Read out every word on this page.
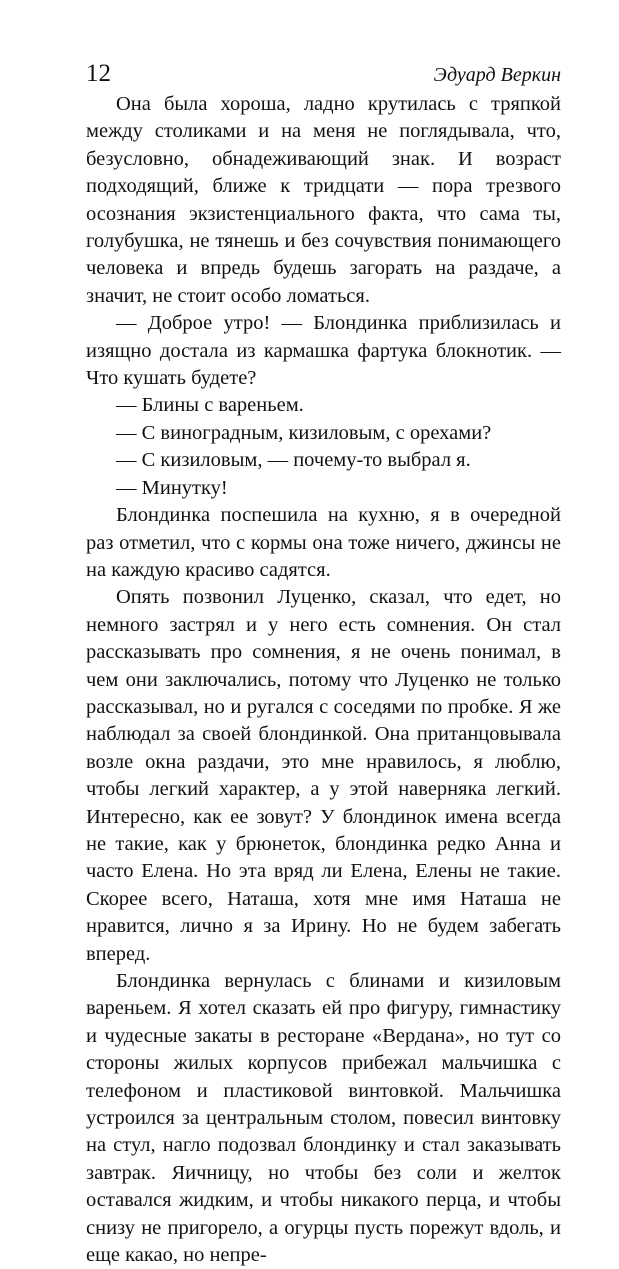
12	Эдуард Веркин

Она была хороша, ладно крутилась с тряпкой между столиками и на меня не поглядывала, что, безусловно, обнадеживающий знак. И возраст подходящий, ближе к тридцати — пора трезвого осознания экзистенциального факта, что сама ты, голубушка, не тянешь и без сочувствия понимающего человека и впредь будешь загорать на раздаче, а значит, не стоит особо ломаться.

— Доброе утро! — Блондинка приблизилась и изящно достала из кармашка фартука блокнотик. — Что кушать будете?

— Блины с вареньем.

— С виноградным, кизиловым, с орехами?

— С кизиловым, — почему-то выбрал я.

— Минутку!

Блондинка поспешила на кухню, я в очередной раз отметил, что с кормы она тоже ничего, джинсы не на каждую красиво садятся.

Опять позвонил Луценко, сказал, что едет, но немного застрял и у него есть сомнения. Он стал рассказывать про сомнения, я не очень понимал, в чем они заключались, потому что Луценко не только рассказывал, но и ругался с соседями по пробке. Я же наблюдал за своей блондинкой. Она пританцовывала возле окна раздачи, это мне нравилось, я люблю, чтобы легкий характер, а у этой наверняка легкий. Интересно, как ее зовут? У блондинок имена всегда не такие, как у брюнеток, блондинка редко Анна и часто Елена. Но эта вряд ли Елена, Елены не такие. Скорее всего, Наташа, хотя мне имя Наташа не нравится, лично я за Ирину. Но не будем забегать вперед.

Блондинка вернулась с блинами и кизиловым вареньем. Я хотел сказать ей про фигуру, гимнастику и чудесные закаты в ресторане «Вердана», но тут со стороны жилых корпусов прибежал мальчишка с телефоном и пластиковой винтовкой. Мальчишка устроился за центральным столом, повесил винтовку на стул, нагло подозвал блондинку и стал заказывать завтрак. Яичницу, но чтобы без соли и желток оставался жидким, и чтобы никакого перца, и чтобы снизу не пригорело, а огурцы пусть порежут вдоль, и еще какао, но непре-
